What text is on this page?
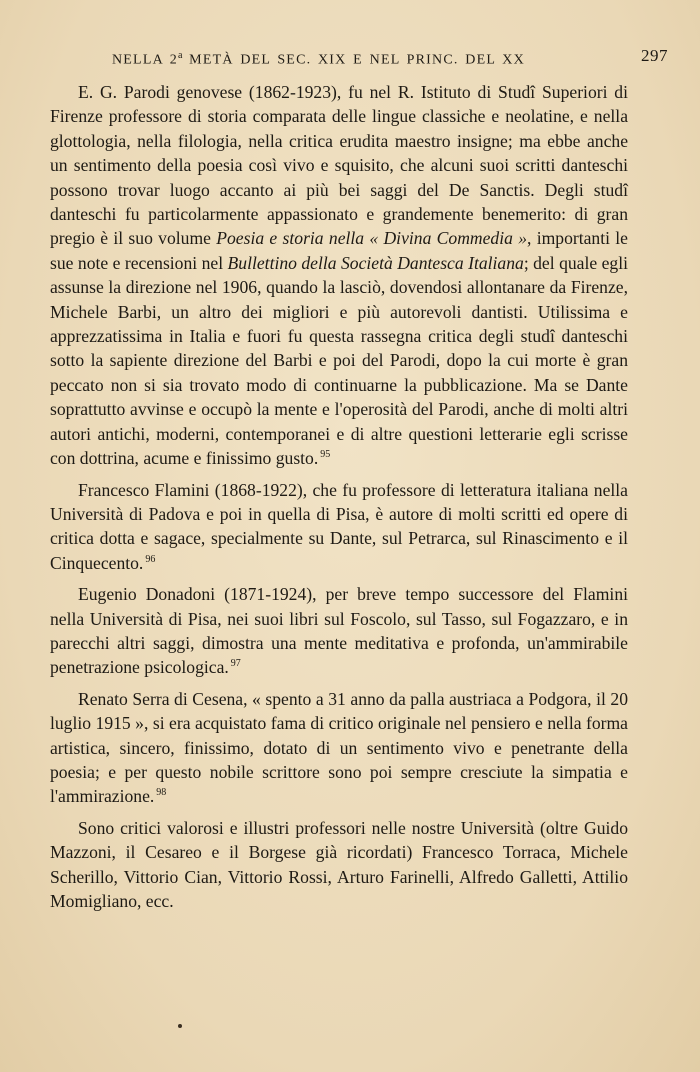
NELLA 2$^a$ METÀ DEL SEC. XIX E NEL PRINC. DEL XX	297

E. G. Parodi genovese (1862-1923), fu nel R. Istituto di Studî Superiori di Firenze professore di storia comparata delle lingue classiche e neolatine, e nella glottologia, nella filologia, nella critica erudita maestro insigne; ma ebbe anche un sentimento della poesia così vivo e squisito, che alcuni suoi scritti danteschi possono trovar luogo accanto ai più bei saggi del De Sanctis. Degli studî danteschi fu particolarmente appassionato e grandemente benemerito: di gran pregio è il suo volume Poesia e storia nella « Divina Commedia », importanti le sue note e recensioni nel Bullettino della Società Dantesca Italiana; del quale egli assunse la direzione nel 1906, quando la lasciò, dovendosi allontanare da Firenze, Michele Barbi, un altro dei migliori e più autorevoli dantisti. Utilissima e apprezzatissima in Italia e fuori fu questa rassegna critica degli studî danteschi sotto la sapiente direzione del Barbi e poi del Parodi, dopo la cui morte è gran peccato non si sia trovato modo di continuarne la pubblicazione. Ma se Dante soprattutto avvinse e occupò la mente e l'operosità del Parodi, anche di molti altri autori antichi, moderni, contemporanei e di altre questioni letterarie egli scrisse con dottrina, acume e finissimo gusto. $^{95}$

Francesco Flamini (1868-1922), che fu professore di letteratura italiana nella Università di Padova e poi in quella di Pisa, è autore di molti scritti ed opere di critica dotta e sagace, specialmente su Dante, sul Petrarca, sul Rinascimento e il Cinquecento. $^{96}$

Eugenio Donadoni (1871-1924), per breve tempo successore del Flamini nella Università di Pisa, nei suoi libri sul Foscolo, sul Tasso, sul Fogazzaro, e in parecchi altri saggi, dimostra una mente meditativa e profonda, un'ammirabile penetrazione psicologica. $^{97}$

Renato Serra di Cesena, « spento a 31 anno da palla austriaca a Podgora, il 20 luglio 1915 », si era acquistato fama di critico originale nel pensiero e nella forma artistica, sincero, finissimo, dotato di un sentimento vivo e penetrante della poesia; e per questo nobile scrittore sono poi sempre cresciute la simpatia e l'ammirazione. $^{98}$

Sono critici valorosi e illustri professori nelle nostre Università (oltre Guido Mazzoni, il Cesareo e il Borgese già ricordati) Francesco Torraca, Michele Scherillo, Vittorio Cian, Vittorio Rossi, Arturo Farinelli, Alfredo Galletti, Attilio Momigliano, ecc.
